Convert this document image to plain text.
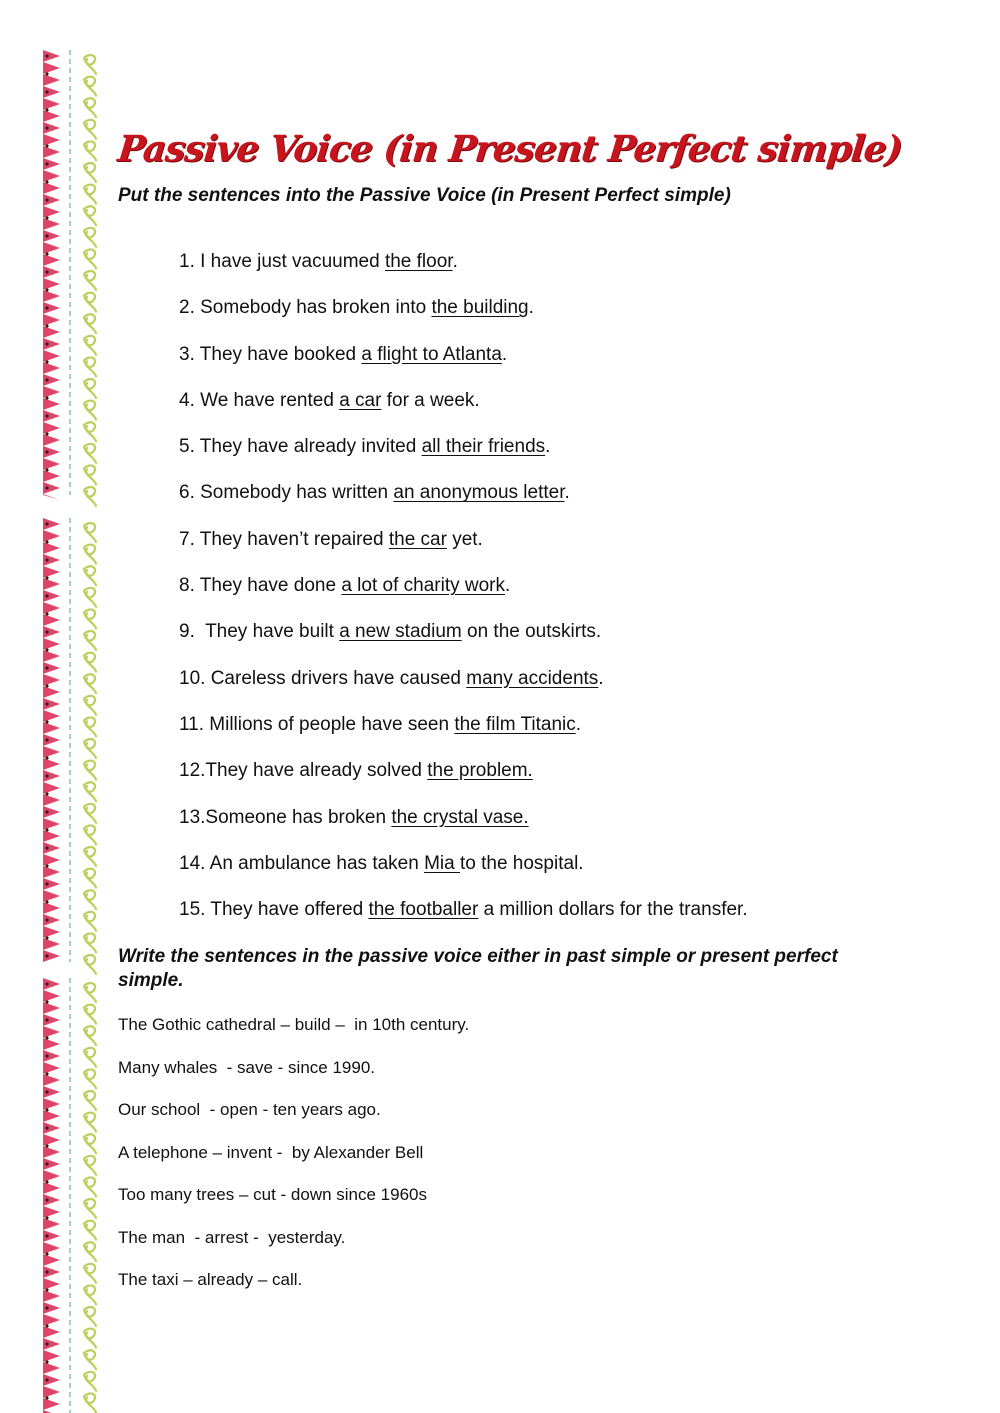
Passive Voice (in Present Perfect simple)

Put the sentences into the Passive Voice (in Present Perfect simple)

1. I have just vacuumed the floor.
2. Somebody has broken into the building.
3. They have booked a flight to Atlanta.
4. We have rented a car for a week.
5. They have already invited all their friends.
6. Somebody has written an anonymous letter.
7. They haven’t repaired the car yet.
8. They have done a lot of charity work.
9.  They have built a new stadium on the outskirts.
10. Careless drivers have caused many accidents.
11. Millions of people have seen the film Titanic.
12.They have already solved the problem.
13.Someone has broken the crystal vase.
14. An ambulance has taken Mia to the hospital.
15. They have offered the footballer a million dollars for the transfer.

Write the sentences in the passive voice either in past simple or present perfect simple.

The Gothic cathedral – build –  in 10th century.
Many whales  - save - since 1990.
Our school  - open - ten years ago.
A telephone – invent -  by Alexander Bell
Too many trees – cut - down since 1960s
The man  - arrest -  yesterday.
The taxi – already – call.
